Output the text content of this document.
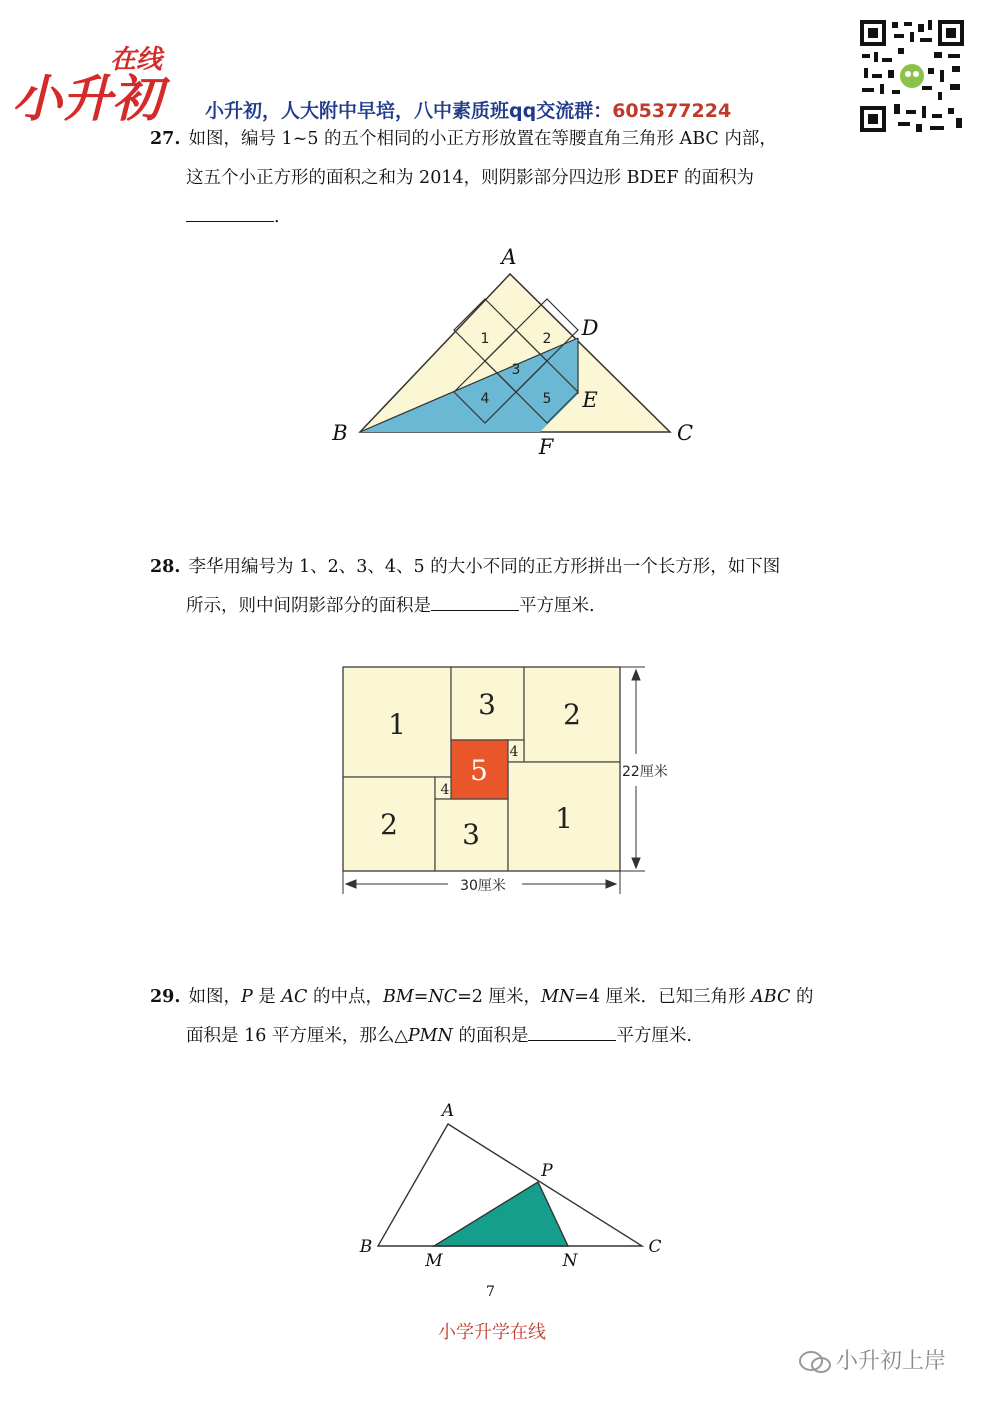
小升初
在线
小升初，人大附中早培，八中素质班qq交流群：605377224
27. 如图，编号 1~5 的五个相同的小正方形放置在等腰直角三角形 ABC 内部，
这五个小正方形的面积之和为 2014，则阴影部分四边形 BDEF 的面积为
.
1	2
3
4	5
A
B	C
D
E
F
28. 李华用编号为 1、2、3、4、5 的大小不同的正方形拼出一个长方形，如下图
所示，则中间阴影部分的面积是	平方厘米.
1
3 2
4
5
4
2 3	1
22厘米
30厘米
29. 如图，P 是 AC 的中点，BM=NC=2 厘米，MN=4 厘米．已知三角形 ABC 的
面积是 16 平方厘米，那么△PMN 的面积是	平方厘米.
A
B	C
P
M	N
7
小学升学在线
小升初上岸
